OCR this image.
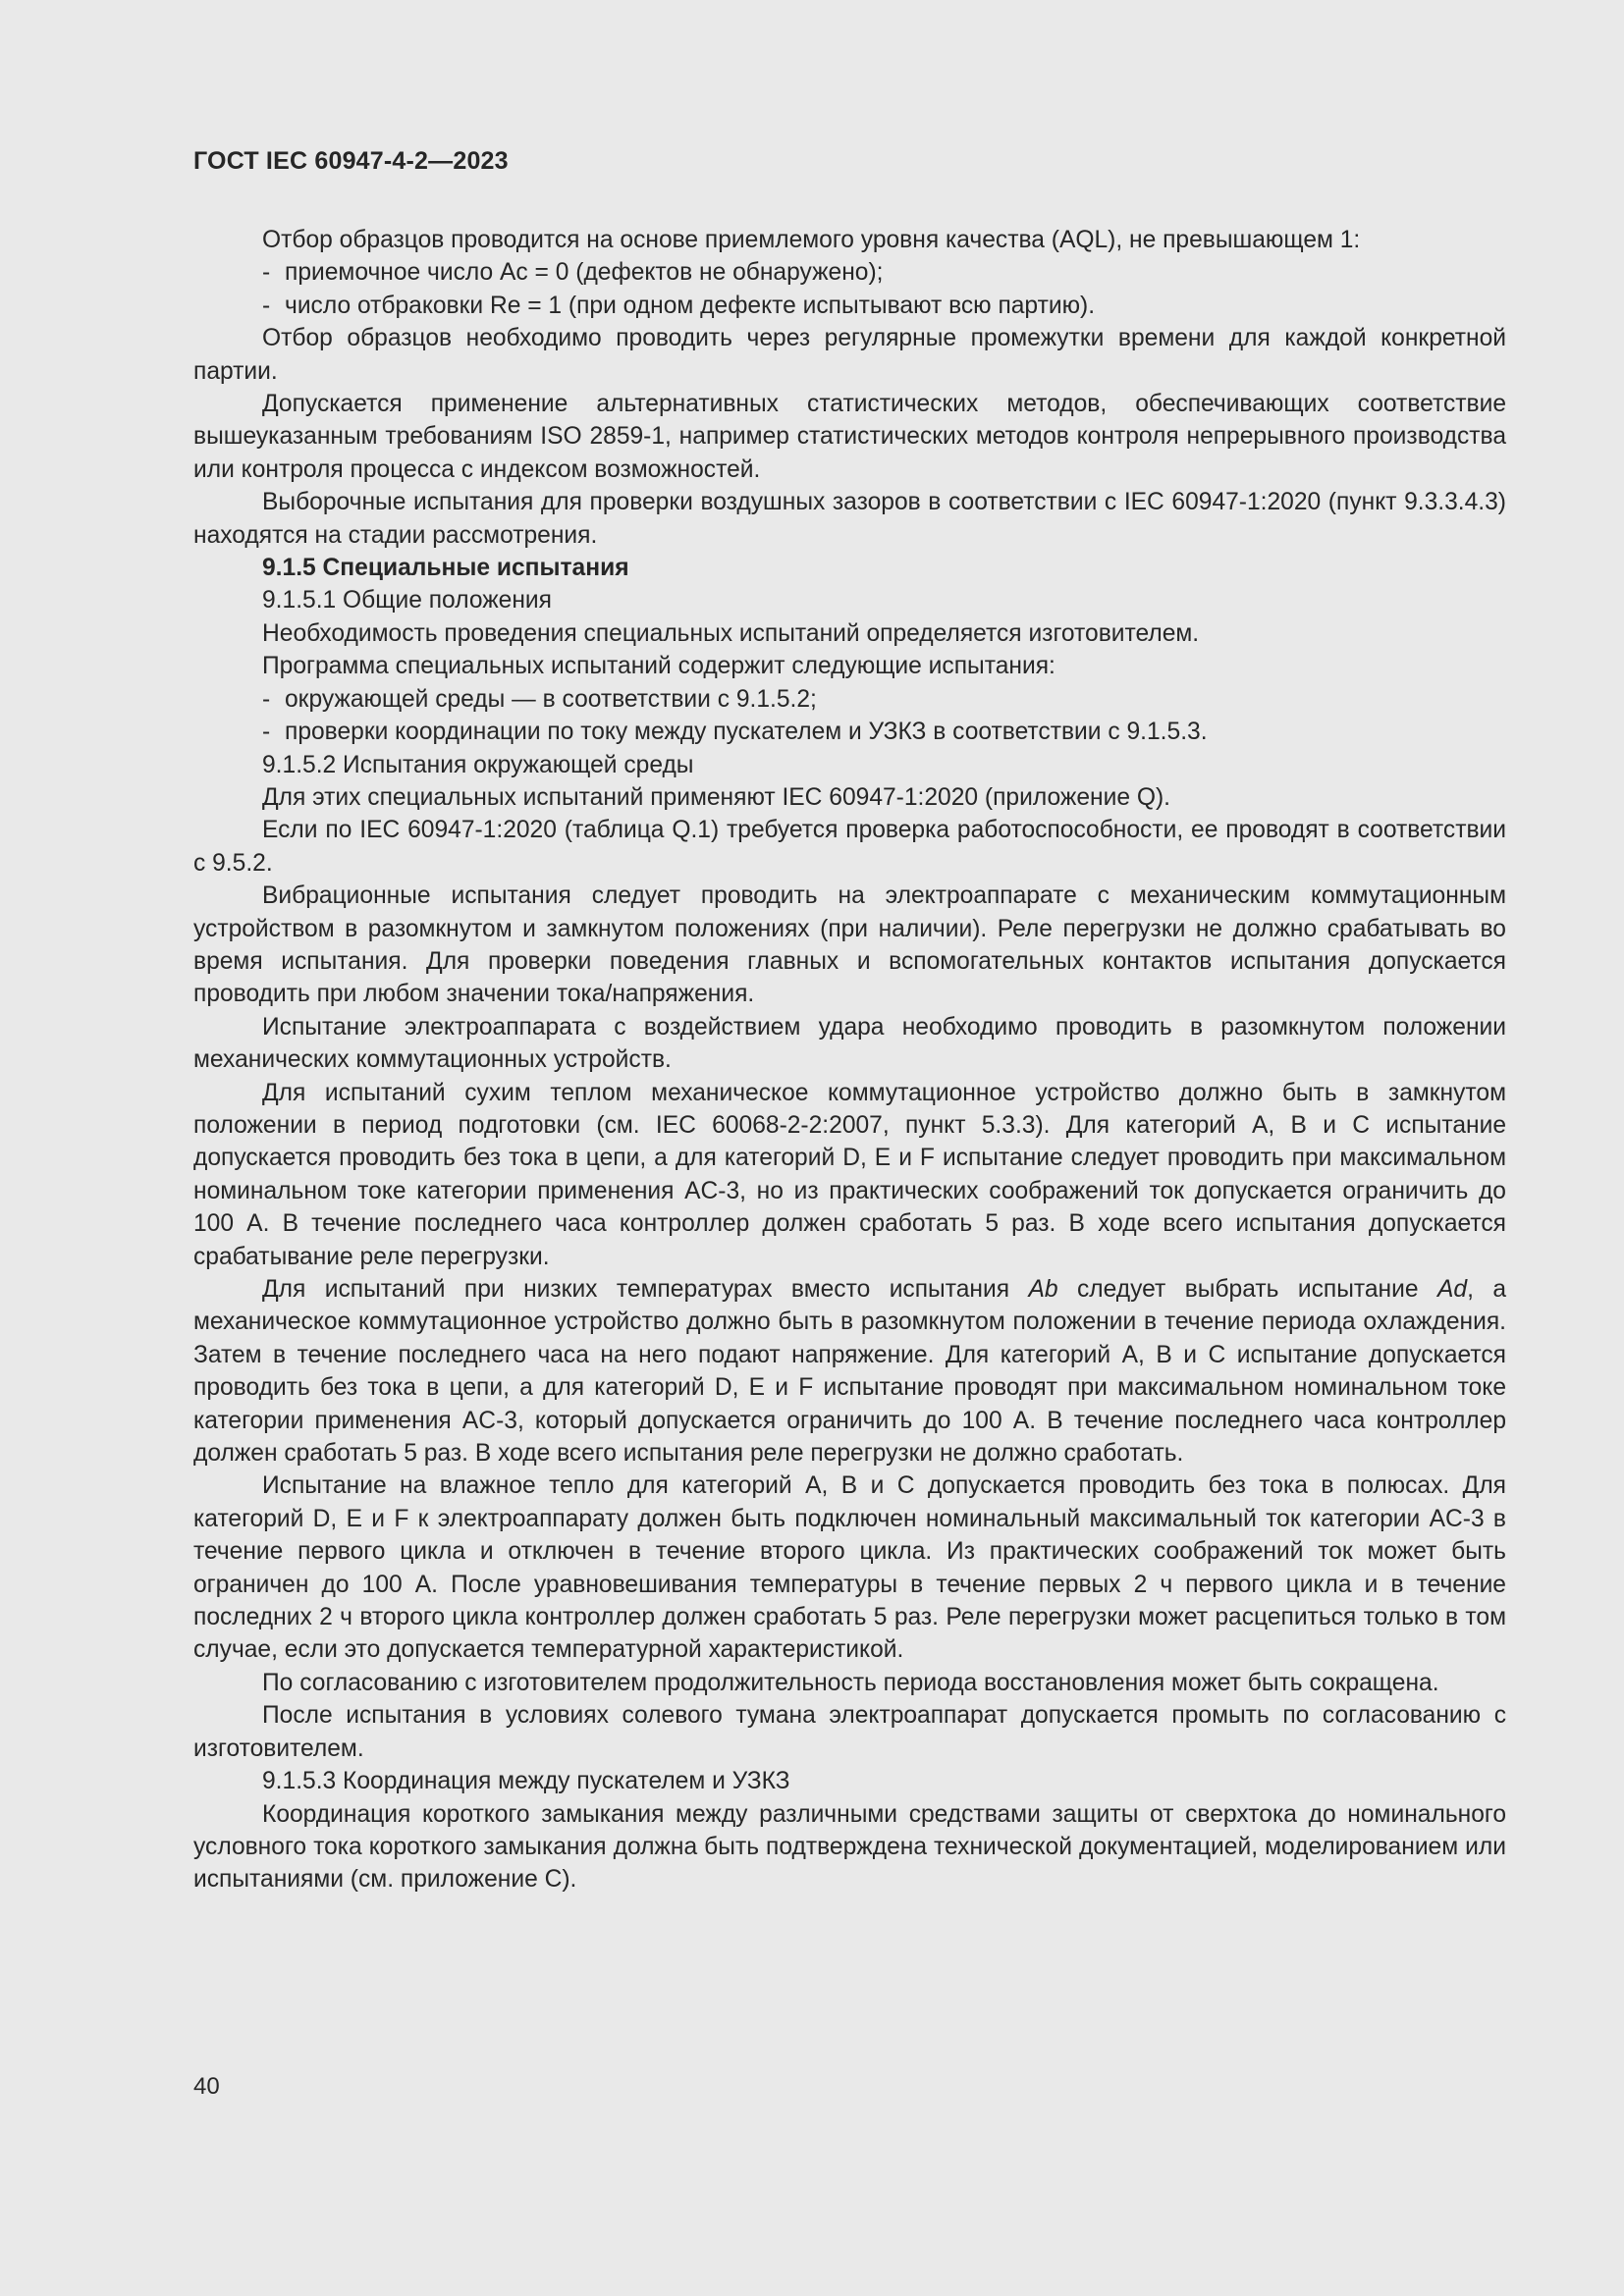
ГОСТ IEC 60947-4-2—2023

Отбор образцов проводится на основе приемлемого уровня качества (AQL), не превышающем 1:

- приемочное число Ac = 0 (дефектов не обнаружено);

- число отбраковки Re = 1 (при одном дефекте испытывают всю партию).

Отбор образцов необходимо проводить через регулярные промежутки времени для каждой конкретной партии.

Допускается применение альтернативных статистических методов, обеспечивающих соответствие вышеуказанным требованиям ISO 2859-1, например статистических методов контроля непрерывного производства или контроля процесса с индексом возможностей.

Выборочные испытания для проверки воздушных зазоров в соответствии с IEC 60947-1:2020 (пункт 9.3.3.4.3) находятся на стадии рассмотрения.

9.1.5 Специальные испытания

9.1.5.1 Общие положения

Необходимость проведения специальных испытаний определяется изготовителем.

Программа специальных испытаний содержит следующие испытания:

- окружающей среды — в соответствии с 9.1.5.2;

- проверки координации по току между пускателем и УЗКЗ в соответствии с 9.1.5.3.

9.1.5.2 Испытания окружающей среды

Для этих специальных испытаний применяют IEC 60947-1:2020 (приложение Q).

Если по IEC 60947-1:2020 (таблица Q.1) требуется проверка работоспособности, ее проводят в соответствии с 9.5.2.

Вибрационные испытания следует проводить на электроаппарате с механическим коммутационным устройством в разомкнутом и замкнутом положениях (при наличии). Реле перегрузки не должно срабатывать во время испытания. Для проверки поведения главных и вспомогательных контактов испытания допускается проводить при любом значении тока/напряжения.

Испытание электроаппарата с воздействием удара необходимо проводить в разомкнутом положении механических коммутационных устройств.

Для испытаний сухим теплом механическое коммутационное устройство должно быть в замкнутом положении в период подготовки (см. IEC 60068-2-2:2007, пункт 5.3.3). Для категорий A, B и C испытание допускается проводить без тока в цепи, а для категорий D, E и F испытание следует проводить при максимальном номинальном токе категории применения AC-3, но из практических соображений ток допускается ограничить до 100 А. В течение последнего часа контроллер должен сработать 5 раз. В ходе всего испытания допускается срабатывание реле перегрузки.

Для испытаний при низких температурах вместо испытания Ab следует выбрать испытание Ad, а механическое коммутационное устройство должно быть в разомкнутом положении в течение периода охлаждения. Затем в течение последнего часа на него подают напряжение. Для категорий A, B и C испытание допускается проводить без тока в цепи, а для категорий D, E и F испытание проводят при максимальном номинальном токе категории применения AC-3, который допускается ограничить до 100 А. В течение последнего часа контроллер должен сработать 5 раз. В ходе всего испытания реле перегрузки не должно сработать.

Испытание на влажное тепло для категорий A, B и C допускается проводить без тока в полюсах. Для категорий D, E и F к электроаппарату должен быть подключен номинальный максимальный ток категории AC-3 в течение первого цикла и отключен в течение второго цикла. Из практических соображений ток может быть ограничен до 100 А. После уравновешивания температуры в течение первых 2 ч первого цикла и в течение последних 2 ч второго цикла контроллер должен сработать 5 раз. Реле перегрузки может расцепиться только в том случае, если это допускается температурной характеристикой.

По согласованию с изготовителем продолжительность периода восстановления может быть сокращена.

После испытания в условиях солевого тумана электроаппарат допускается промыть по согласованию с изготовителем.

9.1.5.3 Координация между пускателем и УЗКЗ

Координация короткого замыкания между различными средствами защиты от сверхтока до номинального условного тока короткого замыкания должна быть подтверждена технической документацией, моделированием или испытаниями (см. приложение C).

40
